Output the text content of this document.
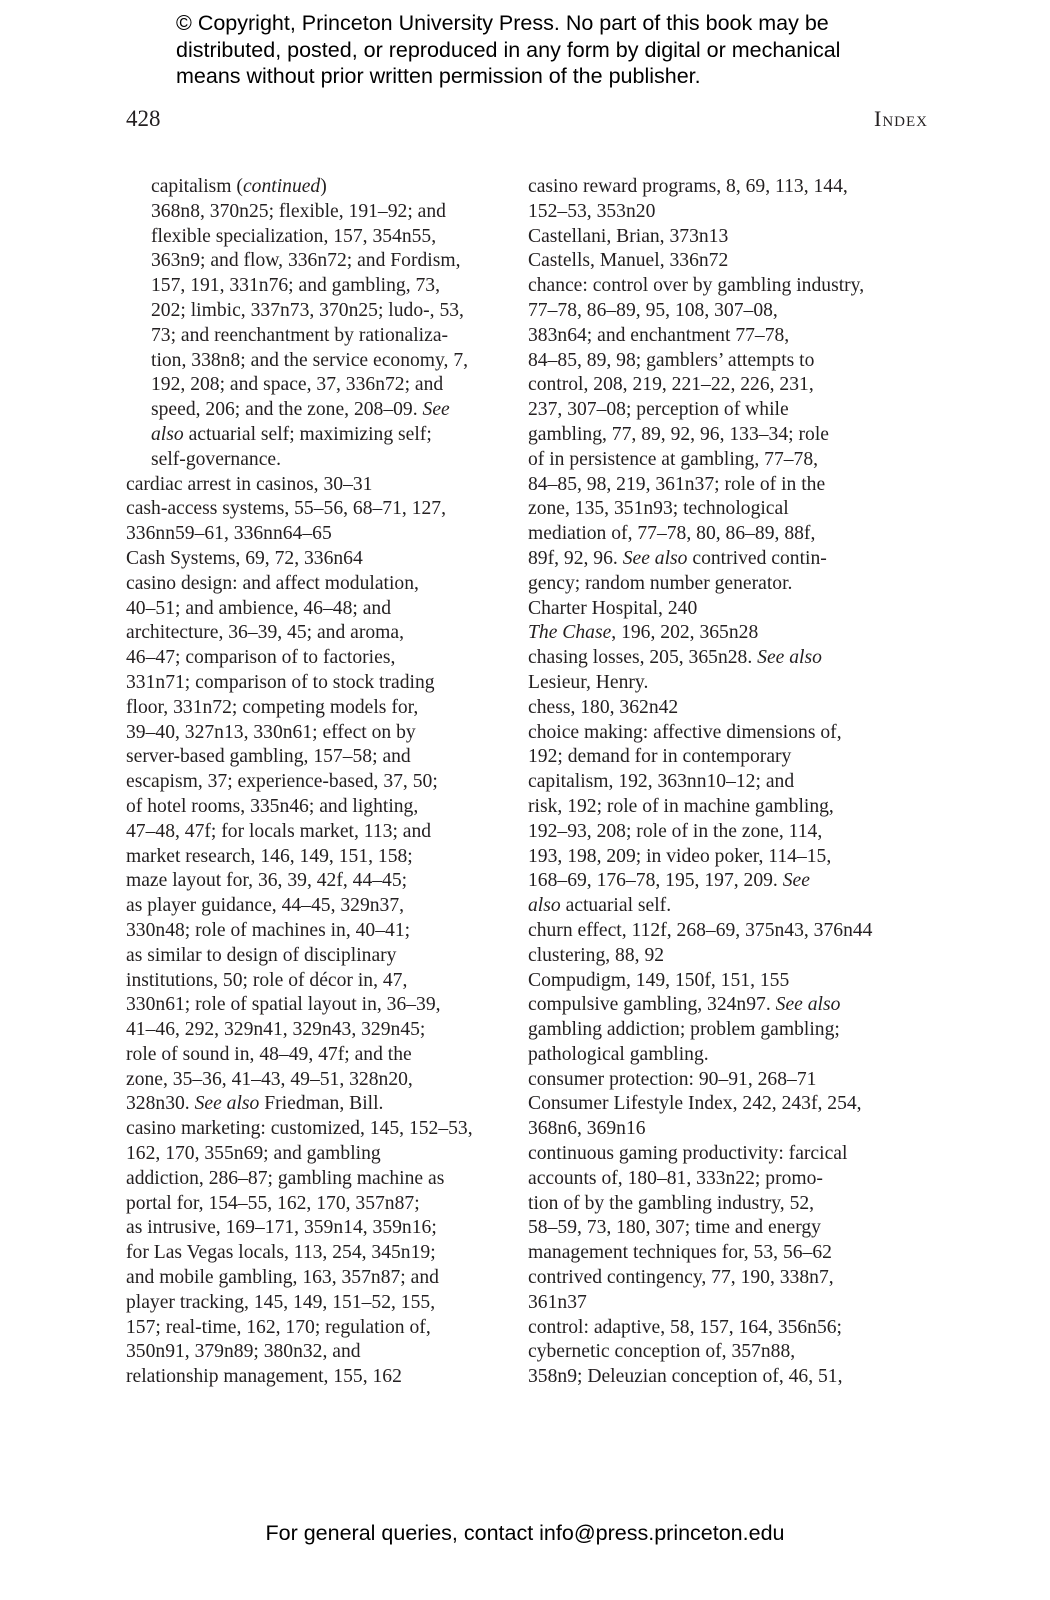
© Copyright, Princeton University Press. No part of this book may be
distributed, posted, or reproduced in any form by digital or mechanical
means without prior written permission of the publisher.
428	Index
capitalism (continued)
368n8, 370n25; flexible, 191–92; and
flexible specialization, 157, 354n55,
363n9; and flow, 336n72; and Fordism,
157, 191, 331n76; and gambling, 73,
202; limbic, 337n73, 370n25; ludo-, 53,
73; and reenchantment by rationaliza-
tion, 338n8; and the service economy, 7,
192, 208; and space, 37, 336n72; and
speed, 206; and the zone, 208–09. See
also actuarial self; maximizing self;
self-governance.
cardiac arrest in casinos, 30–31
cash-access systems, 55–56, 68–71, 127,
336nn59–61, 336nn64–65
Cash Systems, 69, 72, 336n64
casino design: and affect modulation,
40–51; and ambience, 46–48; and
architecture, 36–39, 45; and aroma,
46–47; comparison of to factories,
331n71; comparison of to stock trading
floor, 331n72; competing models for,
39–40, 327n13, 330n61; effect on by
server-based gambling, 157–58; and
escapism, 37; experience-based, 37, 50;
of hotel rooms, 335n46; and lighting,
47–48, 47f; for locals market, 113; and
market research, 146, 149, 151, 158;
maze layout for, 36, 39, 42f, 44–45;
as player guidance, 44–45, 329n37,
330n48; role of machines in, 40–41;
as similar to design of disciplinary
institutions, 50; role of décor in, 47,
330n61; role of spatial layout in, 36–39,
41–46, 292, 329n41, 329n43, 329n45;
role of sound in, 48–49, 47f; and the
zone, 35–36, 41–43, 49–51, 328n20,
328n30. See also Friedman, Bill.
casino marketing: customized, 145, 152–53,
162, 170, 355n69; and gambling
addiction, 286–87; gambling machine as
portal for, 154–55, 162, 170, 357n87;
as intrusive, 169–171, 359n14, 359n16;
for Las Vegas locals, 113, 254, 345n19;
and mobile gambling, 163, 357n87; and
player tracking, 145, 149, 151–52, 155,
157; real-time, 162, 170; regulation of,
350n91, 379n89; 380n32, and
relationship management, 155, 162
casino reward programs, 8, 69, 113, 144,
152–53, 353n20
Castellani, Brian, 373n13
Castells, Manuel, 336n72
chance: control over by gambling industry,
77–78, 86–89, 95, 108, 307–08,
383n64; and enchantment 77–78,
84–85, 89, 98; gamblers’ attempts to
control, 208, 219, 221–22, 226, 231,
237, 307–08; perception of while
gambling, 77, 89, 92, 96, 133–34; role
of in persistence at gambling, 77–78,
84–85, 98, 219, 361n37; role of in the
zone, 135, 351n93; technological
mediation of, 77–78, 80, 86–89, 88f,
89f, 92, 96. See also contrived contin-
gency; random number generator.
Charter Hospital, 240
The Chase, 196, 202, 365n28
chasing losses, 205, 365n28. See also
Lesieur, Henry.
chess, 180, 362n42
choice making: affective dimensions of,
192; demand for in contemporary
capitalism, 192, 363nn10–12; and
risk, 192; role of in machine gambling,
192–93, 208; role of in the zone, 114,
193, 198, 209; in video poker, 114–15,
168–69, 176–78, 195, 197, 209. See
also actuarial self.
churn effect, 112f, 268–69, 375n43, 376n44
clustering, 88, 92
Compudigm, 149, 150f, 151, 155
compulsive gambling, 324n97. See also
gambling addiction; problem gambling;
pathological gambling.
consumer protection: 90–91, 268–71
Consumer Lifestyle Index, 242, 243f, 254,
368n6, 369n16
continuous gaming productivity: farcical
accounts of, 180–81, 333n22; promo-
tion of by the gambling industry, 52,
58–59, 73, 180, 307; time and energy
management techniques for, 53, 56–62
contrived contingency, 77, 190, 338n7,
361n37
control: adaptive, 58, 157, 164, 356n56;
cybernetic conception of, 357n88,
358n9; Deleuzian conception of, 46, 51,
For general queries, contact info@press.princeton.edu
